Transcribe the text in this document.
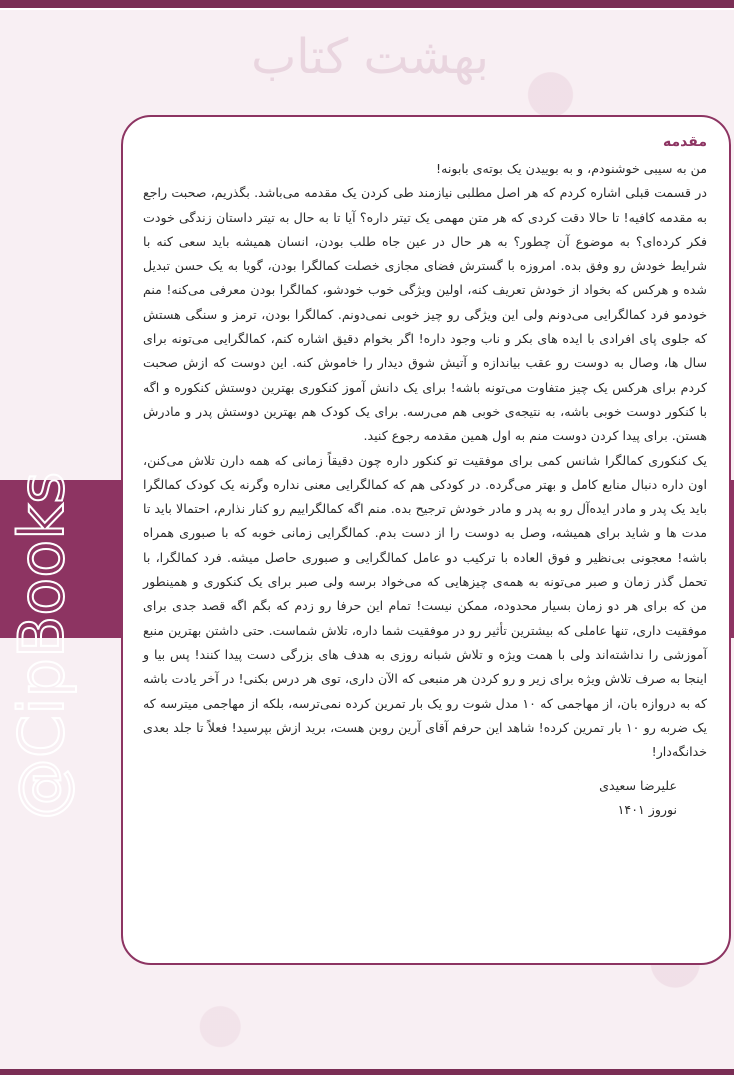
بهشت کتاب
مقدمه

من به سیبی خوشنودم، و به بوییدن یک بوته‌ی بابونه!

در قسمت قبلی اشاره کردم که هر اصل مطلبی نیازمند طی کردن یک مقدمه می‌باشد. بگذریم، صحبت راجع به مقدمه کافیه! تا حالا دقت کردی که هر متن مهمی یک تیتر داره؟ آیا تا به حال به تیتر داستان زندگی خودت فکر کرده‌ای؟ به موضوع آن چطور؟ به هر حال در عین جاه طلب بودن، انسان همیشه باید سعی کنه با شرایط خودش رو وفق بده. امروزه با گسترش فضای مجازی خصلت کمالگرا بودن، گویا به یک حسن تبدیل شده و هرکس که بخواد از خودش تعریف کنه، اولین ویژگی خوب خودشو، کمالگرا بودن معرفی می‌کنه! منم خودمو فرد کمالگرایی می‌دونم ولی این ویژگی رو چیز خوبی نمی‌دونم. کمالگرا بودن، ترمز و سنگی هستش که جلوی پای افرادی با ایده های بکر و ناب وجود داره! اگر بخوام دقیق اشاره کنم، کمالگرایی می‌تونه برای سال ها، وصال به دوست رو عقب بیاندازه و آتیش شوق دیدار را خاموش کنه. این دوست که ازش صحبت کردم برای هرکس یک چیز متفاوت می‌تونه باشه! برای یک دانش آموز کنکوری بهترین دوستش کنکوره و اگه با کنکور دوست خوبی باشه، به نتیجه‌ی خوبی هم می‌رسه. برای یک کودک هم بهترین دوستش پدر و مادرش هستن. برای پیدا کردن دوست منم به اول همین مقدمه رجوع کنید.

یک کنکوری کمالگرا شانس کمی برای موفقیت تو کنکور داره چون دقیقاً زمانی که همه دارن تلاش می‌کنن، اون داره دنبال منابع کامل و بهتر می‌گرده. در کودکی هم که کمالگرایی معنی نداره وگرنه یک کودک کمالگرا باید یک پدر و مادر ایده‌آل رو به پدر و مادر خودش ترجیح بده. منم اگه کمالگراییم رو کنار نذارم، احتمالا باید تا مدت ها و شاید برای همیشه، وصل به دوست را از دست بدم. کمالگرایی زمانی خوبه که با صبوری همراه باشه! معجونی بی‌نظیر و فوق العاده با ترکیب دو عامل کمالگرایی و صبوری حاصل میشه. فرد کمالگرا، با تحمل گذر زمان و صبر می‌تونه به همه‌ی چیزهایی که می‌خواد برسه ولی صبر برای یک کنکوری و همینطور من که برای هر دو زمان بسیار محدوده، ممکن نیست! تمام این حرفا رو زدم که بگم اگه قصد جدی برای موفقیت داری، تنها عاملی که بیشترین تأثیر رو در موفقیت شما داره، تلاش شماست. حتی داشتن بهترین منبع آموزشی را نداشته‌اند ولی با همت ویژه و تلاش شبانه روزی به هدف های بزرگی دست پیدا کنند! پس بیا و اینجا به صرف تلاش ویژه برای زیر و رو کردن هر منبعی که الآن داری، توی هر درس بکنی! در آخر یادت باشه که به دروازه بان، از مهاجمی که ۱۰ مدل شوت رو یک بار تمرین کرده نمی‌ترسه، بلکه از مهاجمی میترسه که یک ضربه رو ۱۰ بار تمرین کرده! شاهد این حرفم آقای آرین روبن هست، برید ازش بپرسید! فعلاً تا جلد بعدی خدانگه‌دار!

علیرضا سعیدی
نوروز ۱۴۰۱
